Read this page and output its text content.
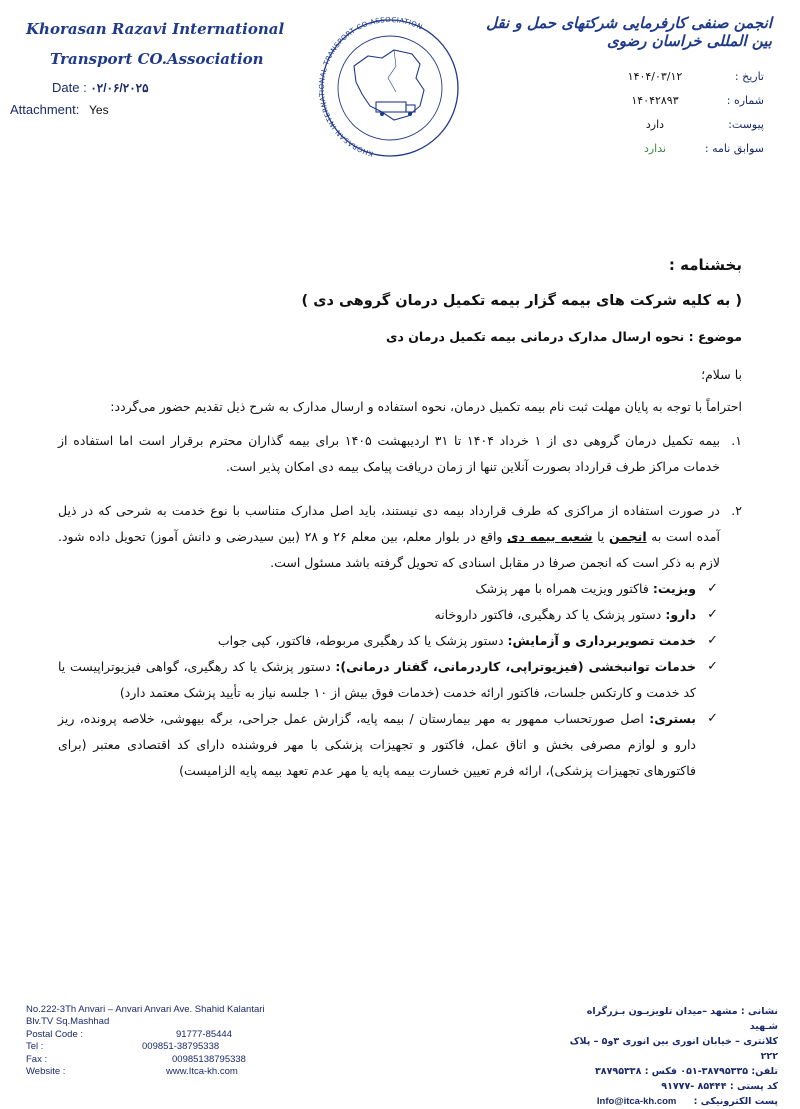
Khorasan Razavi International
Transport CO.Association
Date : ۰۲/۰۶/۲۰۲۵
Attachment: Yes
KHORASAN INTERNATIONAL TRANSPORT CO.ASSOCIATION	انجمن صنفی کارفرمایی شرکتهای حمل و نقل بین المللی خراسان رضوی
تاریخ :۱۴۰۴/۰۳/۱۲
شماره :۱۴۰۴۲۸۹۳
پیوست:دارد
سوابق نامه :ندارد
بخشنامه :
( به کلیه شرکت های بیمه گزار بیمه تکمیل درمان گروهی دی )
موضوع : نحوه ارسال مدارک درمانی بیمه تکمیل درمان دی
با سلام؛
احتراماً با توجه به پایان مهلت ثبت نام بیمه تکمیل درمان، نحوه استفاده و ارسال مدارک به شرح ذیل تقدیم حضور می‌گردد:
۱.
بیمه تکمیل درمان گروهی دی از ۱ خرداد ۱۴۰۴ تا ۳۱ اردیبهشت ۱۴۰۵ برای بیمه گذاران محترم برقرار است اما استفاده از خدمات مراکز طرف قرارداد بصورت آنلاین تنها از زمان دریافت پیامک بیمه دی امکان پذیر است.
۲.
در صورت استفاده از مراکزی که طرف قرارداد بیمه دی نیستند، باید اصل مدارک متناسب با نوع خدمت به شرحی که در ذیل آمده است به انجمن یا شعبه بیمه دی واقع در بلوار معلم، بین معلم ۲۶ و ۲۸ (بین سیدرضی و دانش آموز) تحویل داده شود. لازم به ذکر است که انجمن صرفا در مقابل اسنادی که تحویل گرفته باشد مسئول است.
✓
ویزیت: فاکتور ویزیت همراه با مهر پزشک
✓
دارو: دستور پزشک یا کد رهگیری، فاکتور داروخانه
✓
خدمت تصویربرداری و آزمایش: دستور پزشک یا کد رهگیری مربوطه، فاکتور، کپی جواب
✓
خدمات توانبخشی (فیزیوتراپی، کاردرمانی، گفتار درمانی): دستور پزشک یا کد رهگیری، گواهی فیزیوتراپیست یا کد خدمت و کارتکس جلسات، فاکتور ارائه خدمت (خدمات فوق بیش از ۱۰ جلسه نیاز به تأیید پزشک معتمد دارد)
✓
بستری: اصل صورتحساب ممهور به مهر بیمارستان / بیمه پایه، گزارش عمل جراحی، برگه بیهوشی، خلاصه پرونده، ریز دارو و لوازم مصرفی بخش و اتاق عمل، فاکتور و تجهیزات پزشکی با مهر فروشنده دارای کد اقتصادی معتبر (برای فاکتورهای تجهیزات پزشکی)، ارائه فرم تعیین خسارت بیمه پایه یا مهر عدم تعهد بیمه پایه الزامیست)
No.222-3Th Anvari – Anvari Anvari Ave. Shahid Kalantari Blv.TV Sq.Mashhad
Postal Code :	91777-85444
Tel :	009851-38795338
Fax :	00985138795338
Website :	www.Itca-kh.com
نشانی : مشهد –میدان تلویزیـون بـزرگراه شـهید
کلانتری – خیابان انوری بین انوری ۳و۵ – پلاک ۲۲۲
تلفن: ۳۸۷۹۵۳۳۵-۰۵۱ فکس : ۳۸۷۹۵۳۳۸
کد پستی : ۸۵۴۴۴ -۹۱۷۷۷
پست الکترونیکی : Info@itca-kh.com
